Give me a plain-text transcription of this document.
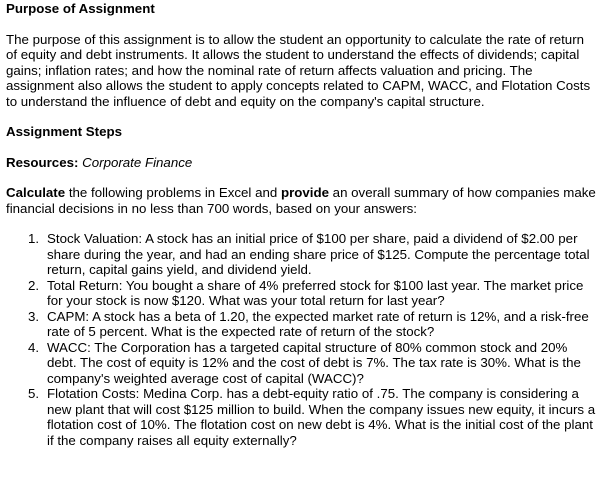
Purpose of Assignment

The purpose of this assignment is to allow the student an opportunity to calculate the rate of return of equity and debt instruments. It allows the student to understand the effects of dividends; capital gains; inflation rates; and how the nominal rate of return affects valuation and pricing. The assignment also allows the student to apply concepts related to CAPM, WACC, and Flotation Costs to understand the influence of debt and equity on the company's capital structure.

Assignment Steps

Resources: Corporate Finance

Calculate the following problems in Excel and provide an overall summary of how companies make financial decisions in no less than 700 words, based on your answers:

1. Stock Valuation: A stock has an initial price of $100 per share, paid a dividend of $2.00 per share during the year, and had an ending share price of $125. Compute the percentage total return, capital gains yield, and dividend yield.
2. Total Return: You bought a share of 4% preferred stock for $100 last year. The market price for your stock is now $120. What was your total return for last year?
3. CAPM: A stock has a beta of 1.20, the expected market rate of return is 12%, and a risk-free rate of 5 percent. What is the expected rate of return of the stock?
4. WACC: The Corporation has a targeted capital structure of 80% common stock and 20% debt. The cost of equity is 12% and the cost of debt is 7%. The tax rate is 30%. What is the company's weighted average cost of capital (WACC)?
5. Flotation Costs: Medina Corp. has a debt-equity ratio of .75. The company is considering a new plant that will cost $125 million to build. When the company issues new equity, it incurs a flotation cost of 10%. The flotation cost on new debt is 4%. What is the initial cost of the plant if the company raises all equity externally?
